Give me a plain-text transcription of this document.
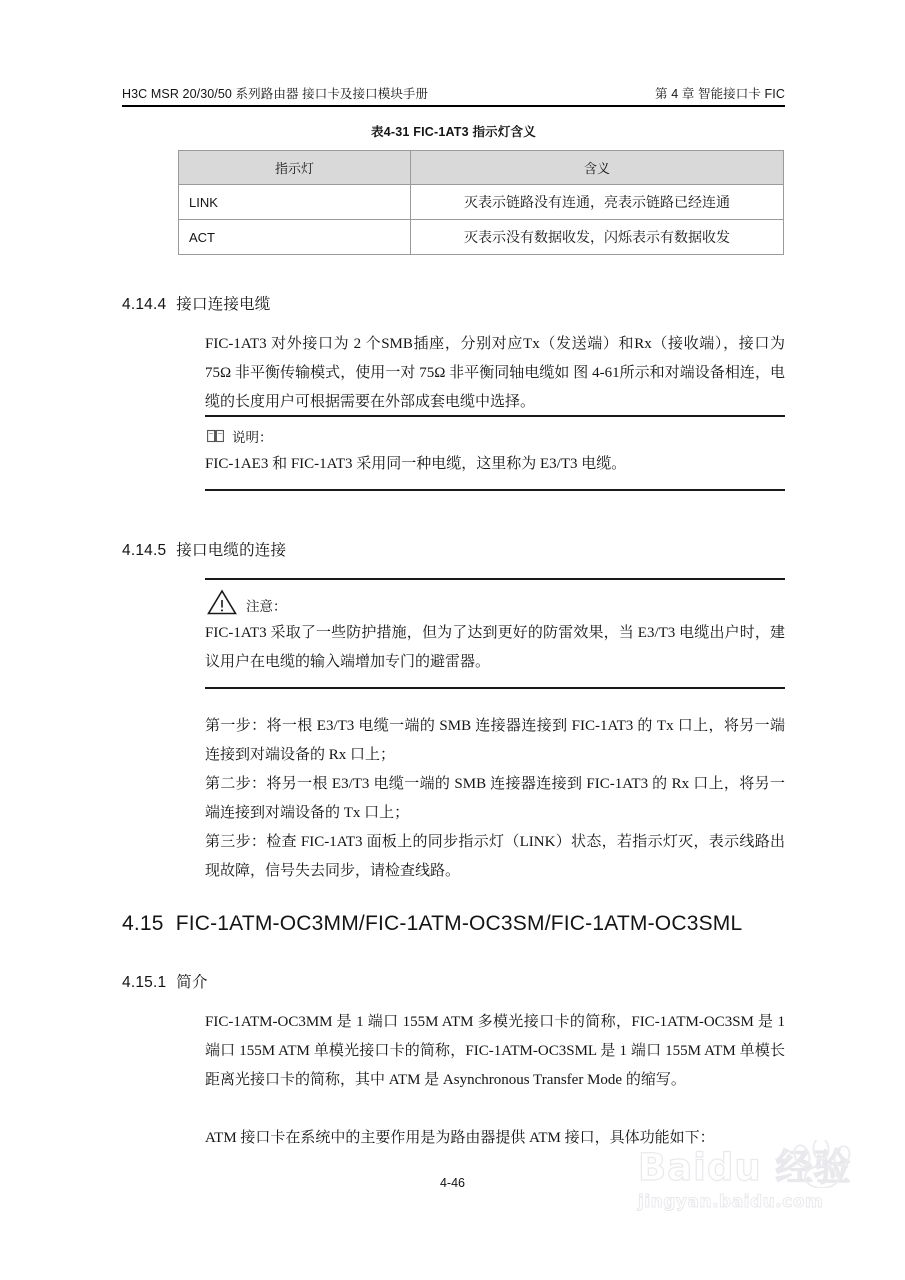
H3C MSR 20/30/50 系列路由器 接口卡及接口模块手册	第 4 章 智能接口卡 FIC
表4-31 FIC-1AT3 指示灯含义
指示灯	含义
LINK	灭表示链路没有连通，亮表示链路已经连通
ACT	灭表示没有数据收发，闪烁表示有数据收发
4.14.4 接口连接电缆
FIC-1AT3 对外接口为 2 个SMB插座，分别对应Tx（发送端）和Rx（接收端），接口为 75Ω 非平衡传输模式，使用一对 75Ω 非平衡同轴电缆如 图 4-61所示和对端设备相连，电缆的长度用户可根据需要在外部成套电缆中选择。
说明：
FIC-1AE3 和 FIC-1AT3 采用同一种电缆，这里称为 E3/T3 电缆。
4.14.5 接口电缆的连接
注意：
FIC-1AT3 采取了一些防护措施，但为了达到更好的防雷效果，当 E3/T3 电缆出户时，建议用户在电缆的输入端增加专门的避雷器。
第一步：将一根 E3/T3 电缆一端的 SMB 连接器连接到 FIC-1AT3 的 Tx 口上，将另一端连接到对端设备的 Rx 口上；
第二步：将另一根 E3/T3 电缆一端的 SMB 连接器连接到 FIC-1AT3 的 Rx 口上，将另一端连接到对端设备的 Tx 口上；
第三步：检查 FIC-1AT3 面板上的同步指示灯（LINK）状态，若指示灯灭，表示线路出现故障，信号失去同步，请检查线路。
4.15 FIC-1ATM-OC3MM/FIC-1ATM-OC3SM/FIC-1ATM-OC3SML
4.15.1 简介
FIC-1ATM-OC3MM 是 1 端口 155M ATM 多模光接口卡的简称，FIC-1ATM-OC3SM 是 1 端口 155M ATM 单模光接口卡的简称，FIC-1ATM-OC3SML 是 1 端口 155M ATM 单模长距离光接口卡的简称，其中 ATM 是 Asynchronous Transfer Mode 的缩写。
ATM 接口卡在系统中的主要作用是为路由器提供 ATM 接口，具体功能如下：
4-46	Baidu 经验
jingyan.baidu.com
